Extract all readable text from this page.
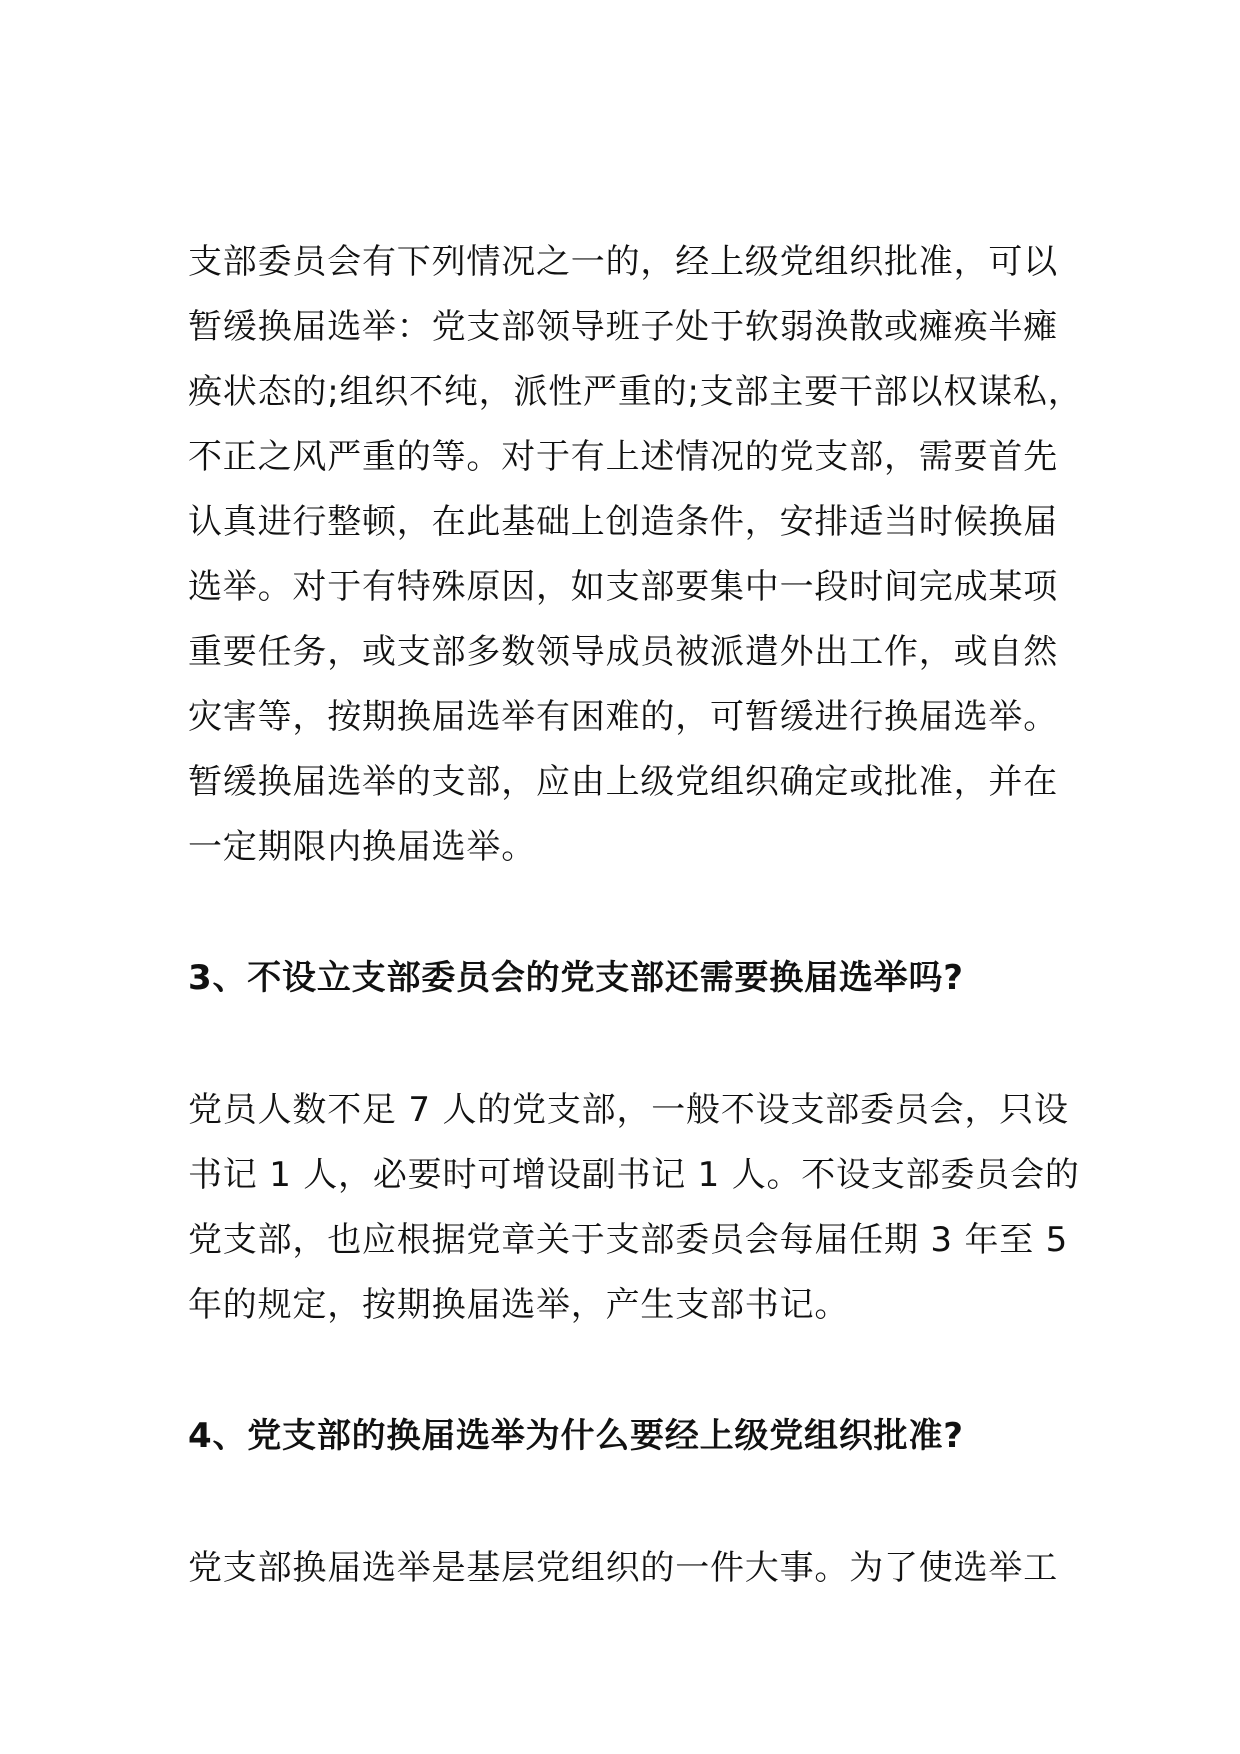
支部委员会有下列情况之一的，经上级党组织批准，可以
暂缓换届选举：党支部领导班子处于软弱涣散或瘫痪半瘫
痪状态的;组织不纯，派性严重的;支部主要干部以权谋私，
不正之风严重的等。对于有上述情况的党支部，需要首先
认真进行整顿，在此基础上创造条件，安排适当时候换届
选举。对于有特殊原因，如支部要集中一段时间完成某项
重要任务，或支部多数领导成员被派遣外出工作，或自然
灾害等，按期换届选举有困难的，可暂缓进行换届选举。
暂缓换届选举的支部，应由上级党组织确定或批准，并在
一定期限内换届选举。
3、不设立支部委员会的党支部还需要换届选举吗?
党员人数不足 7 人的党支部，一般不设支部委员会，只设
书记 1 人，必要时可增设副书记 1 人。不设支部委员会的
党支部，也应根据党章关于支部委员会每届任期 3 年至 5
年的规定，按期换届选举，产生支部书记。
4、党支部的换届选举为什么要经上级党组织批准?
党支部换届选举是基层党组织的一件大事。为了使选举工
